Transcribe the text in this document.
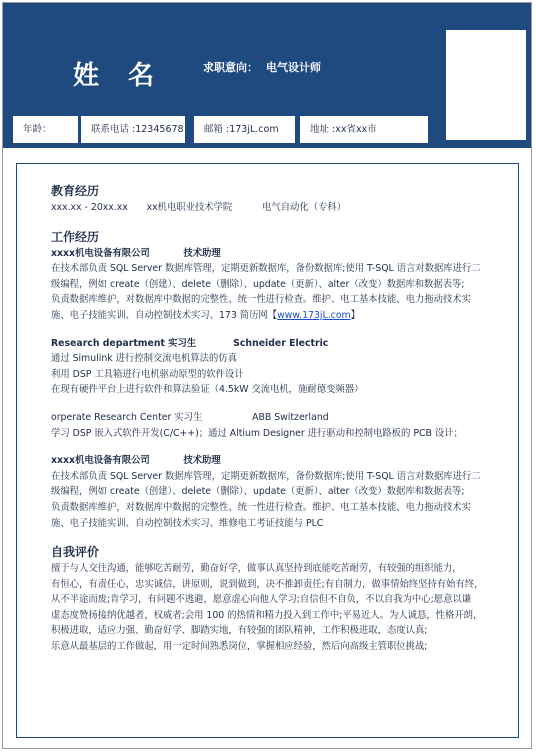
姓 名	求职意向： 电气设计师
年龄：	联系电话 :12345678	邮箱 :173jL.com	地址 :xx省xx市
教育经历
xxx.xx - 20xx.xx xx机电职业技术学院	电气自动化（专科）
工作经历
xxxx机电设备有限公司	技术助理
在技术部负责 SQL Server 数据库管理，定期更新数据库，备份数据库;使用 T-SQL 语言对数据库进行二
级编程，例如 create（创建）、delete（删除）、update（更新）、alter（改变）数据库和数据表等;
负责数据库维护，对数据库中数据的完整性、统一性进行检查。维护、电工基本技能、电力拖动技术实
施、电子技能实训、自动控制技术实习、173 简历网【www.173jL.com】
Research department 实习生	Schneider Electric
通过 Simulink 进行控制交流电机算法的仿真
利用 DSP 工具箱进行电机驱动原型的软件设计
在现有硬件平台上进行软件和算法验证（4.5kW 交流电机，施耐德变频器）
orperate Research Center 实习生	ABB Switzerland
学习 DSP 嵌入式软件开发(C/C++)；通过 Altium Designer 进行驱动和控制电路板的 PCB 设计；
xxxx机电设备有限公司	技术助理
在技术部负责 SQL Server 数据库管理，定期更新数据库，备份数据库;使用 T-SQL 语言对数据库进行二
级编程，例如 create（创建）、delete（删除）、update（更新）、alter（改变）数据库和数据表等;
负责数据库维护，对数据库中数据的完整性、统一性进行检查。维护、电工基本技能、电力拖动技术实
施、电子技能实训、自动控制技术实习、维修电工考证技能与 PLC
自我评价
擅于与人交往沟通，能够吃苦耐劳，勤奋好学，做事认真坚持到底能吃苦耐劳，有较强的组织能力，
有恒心，有责任心，忠实诚信，讲原则，说到做到，决不推卸责任;有自制力，做事情始终坚持有始有终，
从不半途而废;肯学习，有问题不逃避，愿意虚心向他人学习;自信但不自负，不以自我为中心;愿意以谦
虚态度赞扬接纳优越者，权威者;会用 100 的热情和精力投入到工作中;平易近人。为人诚恳，性格开朗，
积极进取，适应力强、勤奋好学、脚踏实地，有较强的团队精神，工作积极进取，态度认真;
乐意从最基层的工作做起，用一定时间熟悉岗位，掌握相应经验，然后向高级主管职位挑战;
